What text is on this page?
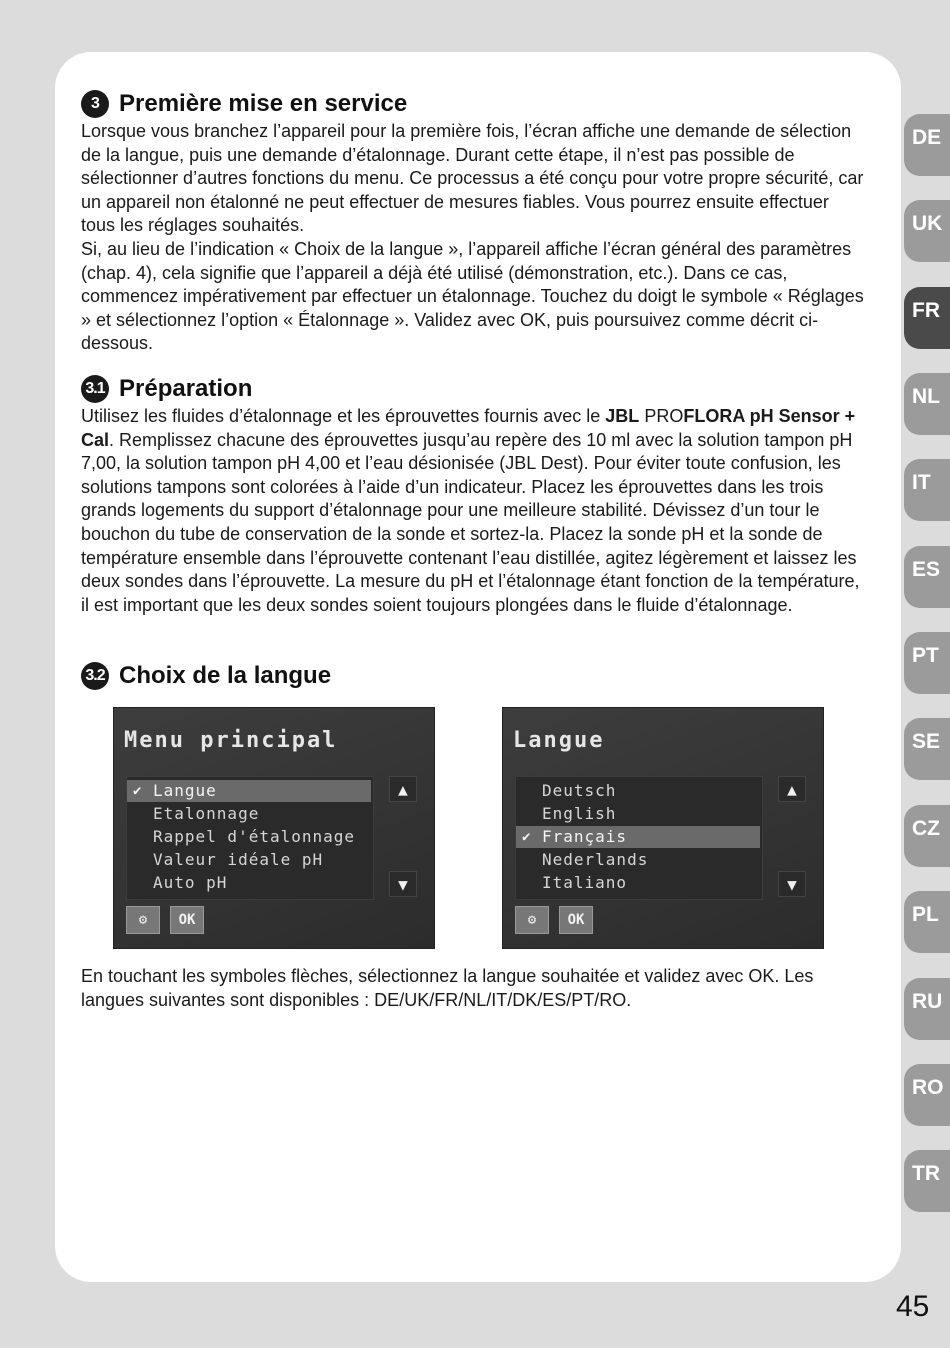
3 Première mise en service

Lorsque vous branchez l’appareil pour la première fois, l’écran affiche une demande de sélection de la langue, puis une demande d’étalonnage. Durant cette étape, il n’est pas possible de sélectionner d’autres fonctions du menu. Ce processus a été conçu pour votre propre sécurité, car un appareil non étalonné ne peut effectuer de mesures fiables. Vous pourrez ensuite effectuer tous les réglages souhaités.

Si, au lieu de l’indication « Choix de la langue », l’appareil affiche l’écran général des paramètres (chap. 4), cela signifie que l’appareil a déjà été utilisé (démonstration, etc.). Dans ce cas, commencez impérativement par effectuer un étalonnage. Touchez du doigt le symbole « Réglages » et sélectionnez l’option « Étalonnage ». Validez avec OK, puis poursuivez comme décrit ci-dessous.

3.1 Préparation

Utilisez les fluides d’étalonnage et les éprouvettes fournis avec le JBL PROFLORA pH Sensor + Cal. Remplissez chacune des éprouvettes jusqu’au repère des 10 ml avec la solution tampon pH 7,00, la solution tampon pH 4,00 et l’eau désionisée (JBL Dest). Pour éviter toute confusion, les solutions tampons sont colorées à l’aide d’un indicateur. Placez les éprouvettes dans les trois grands logements du support d’étalonnage pour une meilleure stabilité. Dévissez d’un tour le bouchon du tube de conservation de la sonde et sortez-la. Placez la sonde pH et la sonde de température ensemble dans l’éprouvette contenant l’eau distillée, agitez légèrement et laissez les deux sondes dans l’éprouvette. La mesure du pH et l’étalonnage étant fonction de la température, il est important que les deux sondes soient toujours plongées dans le fluide d’étalonnage.

3.2 Choix de la langue
Menu principal
✔ Langue
Etalonnage
Rappel d'étalonnage
Valeur idéale pH
Auto pH
▲
▼
⚙	OK
Langue
Deutsch
English
✔ Français
Nederlands
Italiano
▲
▼
⚙	OK

En touchant les symboles flèches, sélectionnez la langue souhaitée et validez avec OK. Les langues suivantes sont disponibles : DE/UK/FR/NL/IT/DK/ES/PT/RO.

DE
UK
FR
NL
IT
ES
PT
SE
CZ
PL
RU
RO
TR
45
